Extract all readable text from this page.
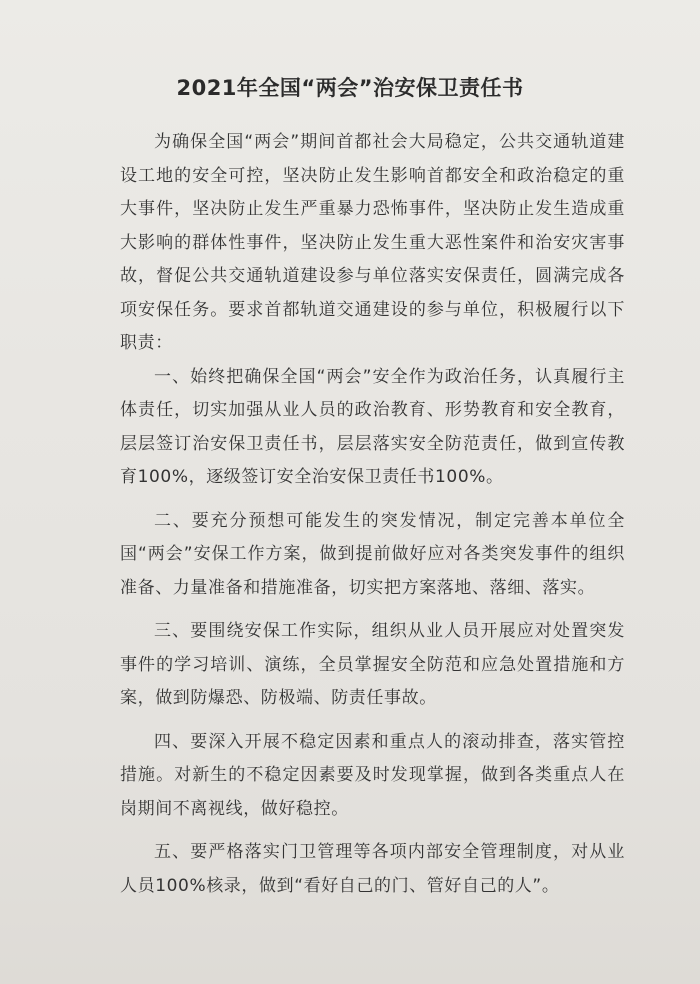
2021年全国“两会”治安保卫责任书

为确保全国“两会”期间首都社会大局稳定，公共交通轨道建设工地的安全可控，坚决防止发生影响首都安全和政治稳定的重大事件，坚决防止发生严重暴力恐怖事件，坚决防止发生造成重大影响的群体性事件，坚决防止发生重大恶性案件和治安灾害事故，督促公共交通轨道建设参与单位落实安保责任，圆满完成各项安保任务。要求首都轨道交通建设的参与单位，积极履行以下职责：

一、始终把确保全国“两会”安全作为政治任务，认真履行主体责任，切实加强从业人员的政治教育、形势教育和安全教育，层层签订治安保卫责任书，层层落实安全防范责任，做到宣传教育100%，逐级签订安全治安保卫责任书100%。

二、要充分预想可能发生的突发情况，制定完善本单位全国“两会”安保工作方案，做到提前做好应对各类突发事件的组织准备、力量准备和措施准备，切实把方案落地、落细、落实。

三、要围绕安保工作实际，组织从业人员开展应对处置突发事件的学习培训、演练，全员掌握安全防范和应急处置措施和方案，做到防爆恐、防极端、防责任事故。

四、要深入开展不稳定因素和重点人的滚动排查，落实管控措施。对新生的不稳定因素要及时发现掌握，做到各类重点人在岗期间不离视线，做好稳控。

五、要严格落实门卫管理等各项内部安全管理制度，对从业人员100%核录，做到“看好自己的门、管好自己的人”。
